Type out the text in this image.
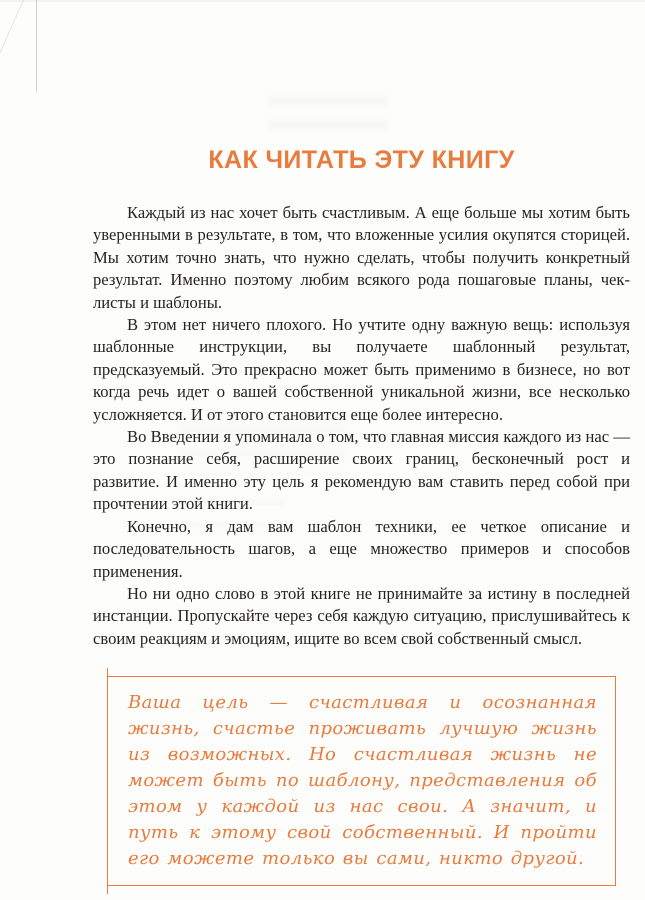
КАК ЧИТАТЬ ЭТУ КНИГУ

Каждый из нас хочет быть счастливым. А еще больше мы хотим быть уверенными в результате, в том, что вложенные усилия окупятся сторицей. Мы хотим точно знать, что нужно сделать, чтобы получить конкретный результат. Именно поэтому любим всякого рода пошаговые планы, чек-листы и шаблоны.

В этом нет ничего плохого. Но учтите одну важную вещь: используя шаблонные инструкции, вы получаете шаблонный результат, предсказуемый. Это прекрасно может быть применимо в бизнесе, но вот когда речь идет о вашей собственной уникальной жизни, все несколько усложняется. И от этого становится еще более интересно.

Во Введении я упоминала о том, что главная миссия каждого из нас — это познание себя, расширение своих границ, бесконечный рост и развитие. И именно эту цель я рекомендую вам ставить перед собой при прочтении этой книги.

Конечно, я дам вам шаблон техники, ее четкое описание и последовательность шагов, а еще множество примеров и способов применения.

Но ни одно слово в этой книге не принимайте за истину в последней инстанции. Пропускайте через себя каждую ситуацию, прислушивайтесь к своим реакциям и эмоциям, ищите во всем свой собственный смысл.

Ваша цель — счастливая и осознанная жизнь, счастье проживать лучшую жизнь из возможных. Но счастливая жизнь не может быть по шаблону, представления об этом у каждой из нас свои. А значит, и путь к этому свой собственный. И пройти его можете только вы сами, никто другой.
